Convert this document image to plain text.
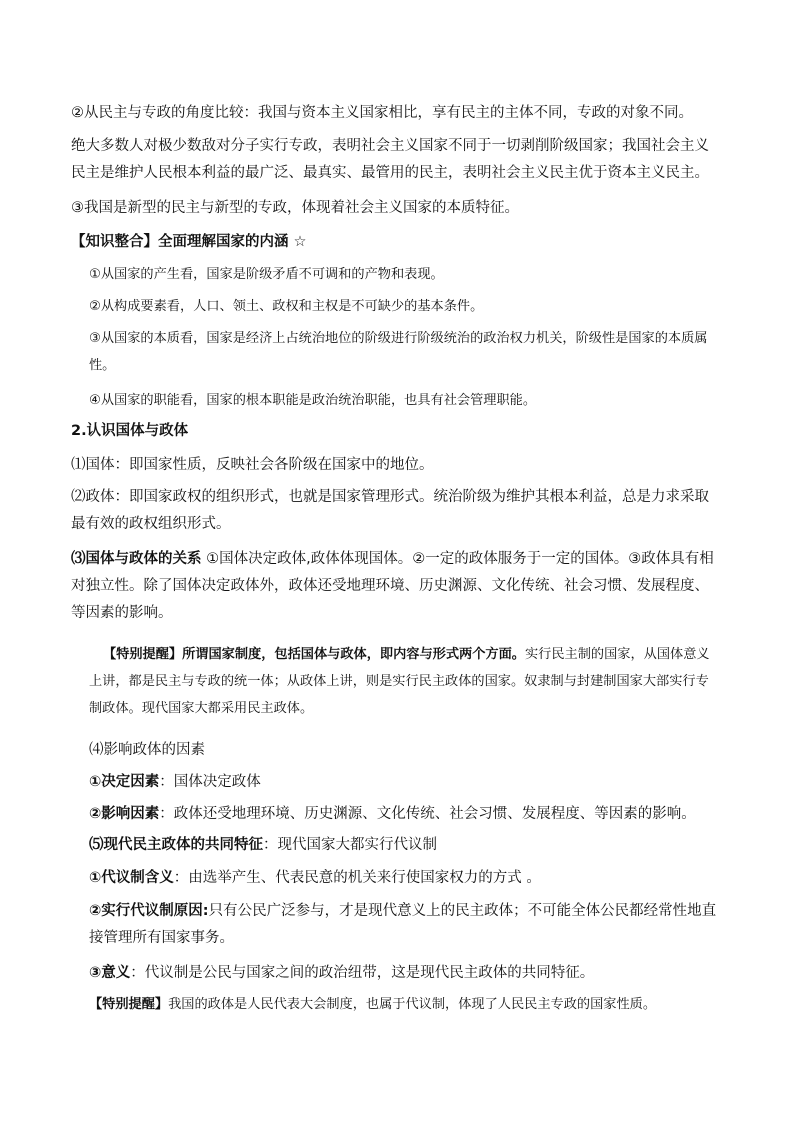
②从民主与专政的角度比较：我国与资本主义国家相比，享有民主的主体不同，专政的对象不同。

绝大多数人对极少数敌对分子实行专政，表明社会主义国家不同于一切剥削阶级国家；我国社会主义民主是维护人民根本利益的最广泛、最真实、最管用的民主，表明社会主义民主优于资本主义民主。

③我国是新型的民主与新型的专政，体现着社会主义国家的本质特征。

【知识整合】全面理解国家的内涵 ☆

①从国家的产生看，国家是阶级矛盾不可调和的产物和表现。

②从构成要素看，人口、领土、政权和主权是不可缺少的基本条件。

③从国家的本质看，国家是经济上占统治地位的阶级进行阶级统治的政治权力机关，阶级性是国家的本质属性。

④从国家的职能看，国家的根本职能是政治统治职能，也具有社会管理职能。

2.认识国体与政体

⑴国体：即国家性质，反映社会各阶级在国家中的地位。

⑵政体：即国家政权的组织形式，也就是国家管理形式。统治阶级为维护其根本利益，总是力求采取最有效的政权组织形式。

⑶国体与政体的关系 ①国体决定政体,政体体现国体。②一定的政体服务于一定的国体。③政体具有相对独立性。除了国体决定政体外，政体还受地理环境、历史渊源、文化传统、社会习惯、发展程度、等因素的影响。

【特别提醒】所谓国家制度，包括国体与政体，即内容与形式两个方面。实行民主制的国家，从国体意义上讲，都是民主与专政的统一体；从政体上讲，则是实行民主政体的国家。奴隶制与封建制国家大部实行专制政体。现代国家大都采用民主政体。

⑷影响政体的因素

①决定因素：国体决定政体

②影响因素：政体还受地理环境、历史渊源、文化传统、社会习惯、发展程度、等因素的影响。

⑸现代民主政体的共同特征：现代国家大都实行代议制

①代议制含义：由选举产生、代表民意的机关来行使国家权力的方式 。

②实行代议制原因:只有公民广泛参与，才是现代意义上的民主政体；不可能全体公民都经常性地直接管理所有国家事务。

③意义：代议制是公民与国家之间的政治纽带，这是现代民主政体的共同特征。

【特别提醒】我国的政体是人民代表大会制度，也属于代议制，体现了人民民主专政的国家性质。
